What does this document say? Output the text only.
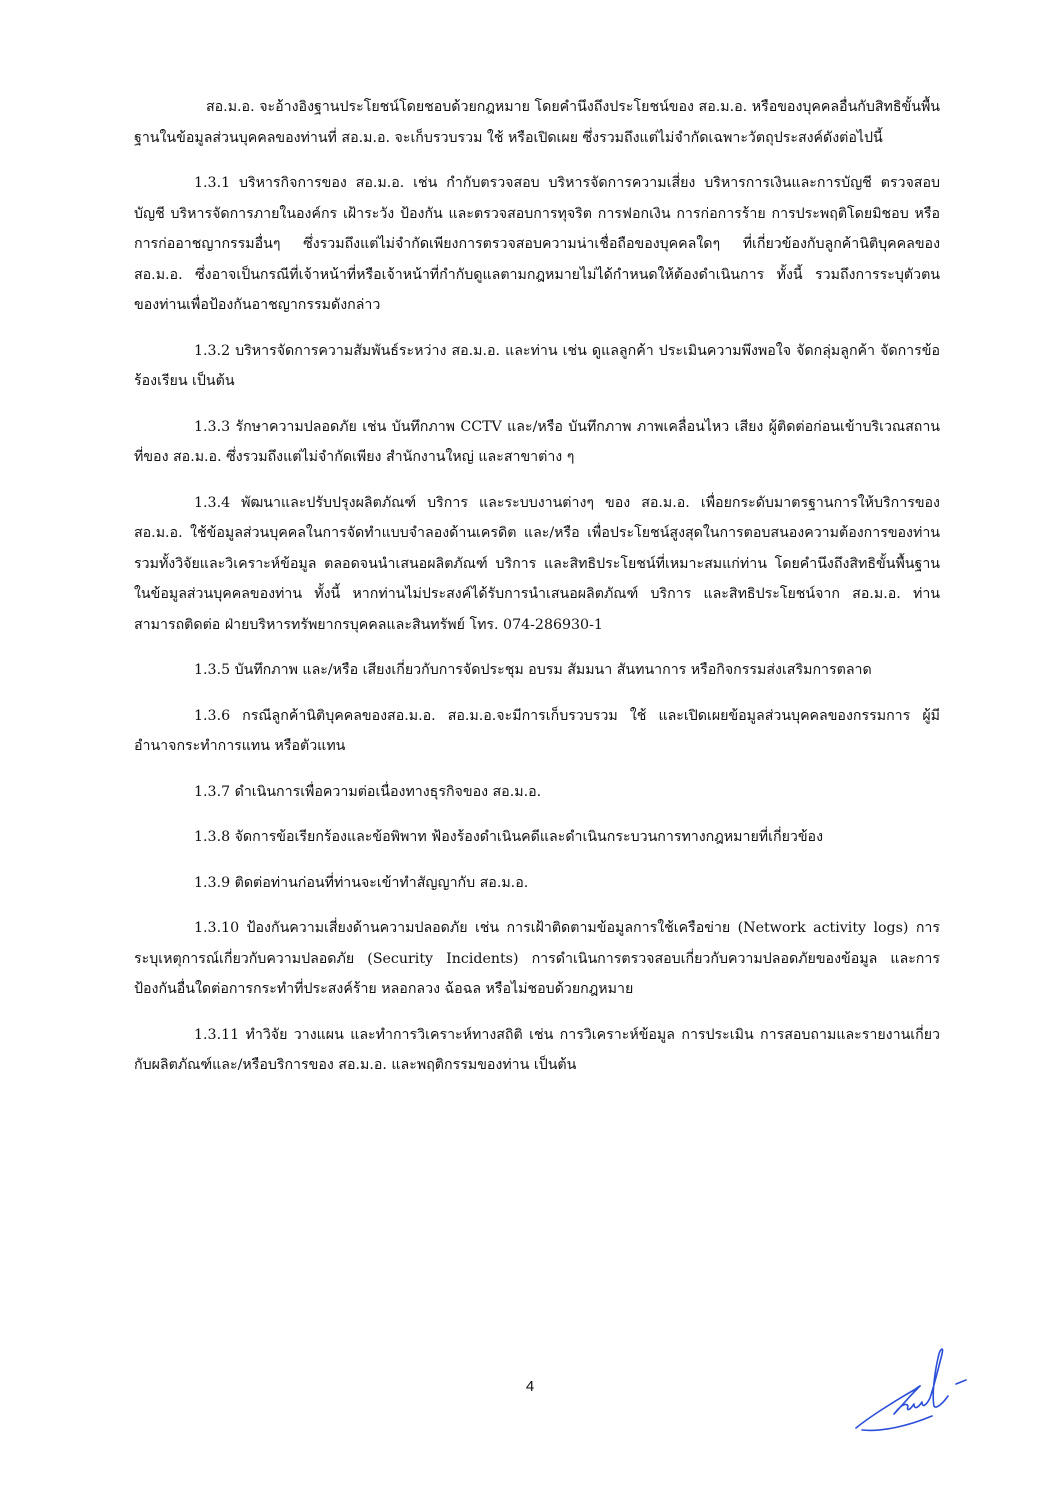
สอ.ม.อ. จะอ้างอิงฐานประโยชน์โดยชอบด้วยกฎหมาย โดยคำนึงถึงประโยชน์ของ สอ.ม.อ. หรือของบุคคลอื่นกับสิทธิขั้นพื้นฐานในข้อมูลส่วนบุคคลของท่านที่ สอ.ม.อ. จะเก็บรวบรวม ใช้ หรือเปิดเผย ซึ่งรวมถึงแต่ไม่จำกัดเฉพาะวัตถุประสงค์ดังต่อไปนี้

1.3.1 บริหารกิจการของ สอ.ม.อ. เช่น กำกับตรวจสอบ บริหารจัดการความเสี่ยง บริหารการเงินและการบัญชี ตรวจสอบบัญชี บริหารจัดการภายในองค์กร เฝ้าระวัง ป้องกัน และตรวจสอบการทุจริต การฟอกเงิน การก่อการร้าย การประพฤติโดยมิชอบ หรือการก่ออาชญากรรมอื่นๆ ซึ่งรวมถึงแต่ไม่จำกัดเพียงการตรวจสอบความน่าเชื่อถือของบุคคลใดๆ ที่เกี่ยวข้องกับลูกค้านิติบุคคลของ สอ.ม.อ. ซึ่งอาจเป็นกรณีที่เจ้าหน้าที่หรือเจ้าหน้าที่กำกับดูแลตามกฎหมายไม่ได้กำหนดให้ต้องดำเนินการ ทั้งนี้ รวมถึงการระบุตัวตนของท่านเพื่อป้องกันอาชญากรรมดังกล่าว

1.3.2 บริหารจัดการความสัมพันธ์ระหว่าง สอ.ม.อ. และท่าน เช่น ดูแลลูกค้า ประเมินความพึงพอใจ จัดกลุ่มลูกค้า จัดการข้อร้องเรียน เป็นต้น

1.3.3 รักษาความปลอดภัย เช่น บันทึกภาพ CCTV และ/หรือ บันทึกภาพ ภาพเคลื่อนไหว เสียง ผู้ติดต่อก่อนเข้าบริเวณสถานที่ของ สอ.ม.อ. ซึ่งรวมถึงแต่ไม่จำกัดเพียง สำนักงานใหญ่ และสาขาต่าง ๆ

1.3.4 พัฒนาและปรับปรุงผลิตภัณฑ์ บริการ และระบบงานต่างๆ ของ สอ.ม.อ. เพื่อยกระดับมาตรฐานการให้บริการของ สอ.ม.อ. ใช้ข้อมูลส่วนบุคคลในการจัดทำแบบจำลองด้านเครดิต และ/หรือ เพื่อประโยชน์สูงสุดในการตอบสนองความต้องการของท่าน รวมทั้งวิจัยและวิเคราะห์ข้อมูล ตลอดจนนำเสนอผลิตภัณฑ์ บริการ และสิทธิประโยชน์ที่เหมาะสมแก่ท่าน โดยคำนึงถึงสิทธิขั้นพื้นฐานในข้อมูลส่วนบุคคลของท่าน ทั้งนี้ หากท่านไม่ประสงค์ได้รับการนำเสนอผลิตภัณฑ์ บริการ และสิทธิประโยชน์จาก สอ.ม.อ. ท่านสามารถติดต่อ ฝ่ายบริหารทรัพยากรบุคคลและสินทรัพย์ โทร. 074-286930-1

1.3.5 บันทึกภาพ และ/หรือ เสียงเกี่ยวกับการจัดประชุม อบรม สัมมนา สันทนาการ หรือกิจกรรมส่งเสริมการตลาด

1.3.6 กรณีลูกค้านิติบุคคลของสอ.ม.อ. สอ.ม.อ.จะมีการเก็บรวบรวม ใช้ และเปิดเผยข้อมูลส่วนบุคคลของกรรมการ ผู้มีอำนาจกระทำการแทน หรือตัวแทน

1.3.7 ดำเนินการเพื่อความต่อเนื่องทางธุรกิจของ สอ.ม.อ.

1.3.8 จัดการข้อเรียกร้องและข้อพิพาท ฟ้องร้องดำเนินคดีและดำเนินกระบวนการทางกฎหมายที่เกี่ยวข้อง

1.3.9 ติดต่อท่านก่อนที่ท่านจะเข้าทำสัญญากับ สอ.ม.อ.

1.3.10 ป้องกันความเสี่ยงด้านความปลอดภัย เช่น การเฝ้าติดตามข้อมูลการใช้เครือข่าย (Network activity logs) การระบุเหตุการณ์เกี่ยวกับความปลอดภัย (Security Incidents) การดำเนินการตรวจสอบเกี่ยวกับความปลอดภัยของข้อมูล และการป้องกันอื่นใดต่อการกระทำที่ประสงค์ร้าย หลอกลวง ฉ้อฉล หรือไม่ชอบด้วยกฎหมาย

1.3.11 ทำวิจัย วางแผน และทำการวิเคราะห์ทางสถิติ เช่น การวิเคราะห์ข้อมูล การประเมิน การสอบถามและรายงานเกี่ยวกับผลิตภัณฑ์และ/หรือบริการของ สอ.ม.อ. และพฤติกรรมของท่าน เป็นต้น

4
